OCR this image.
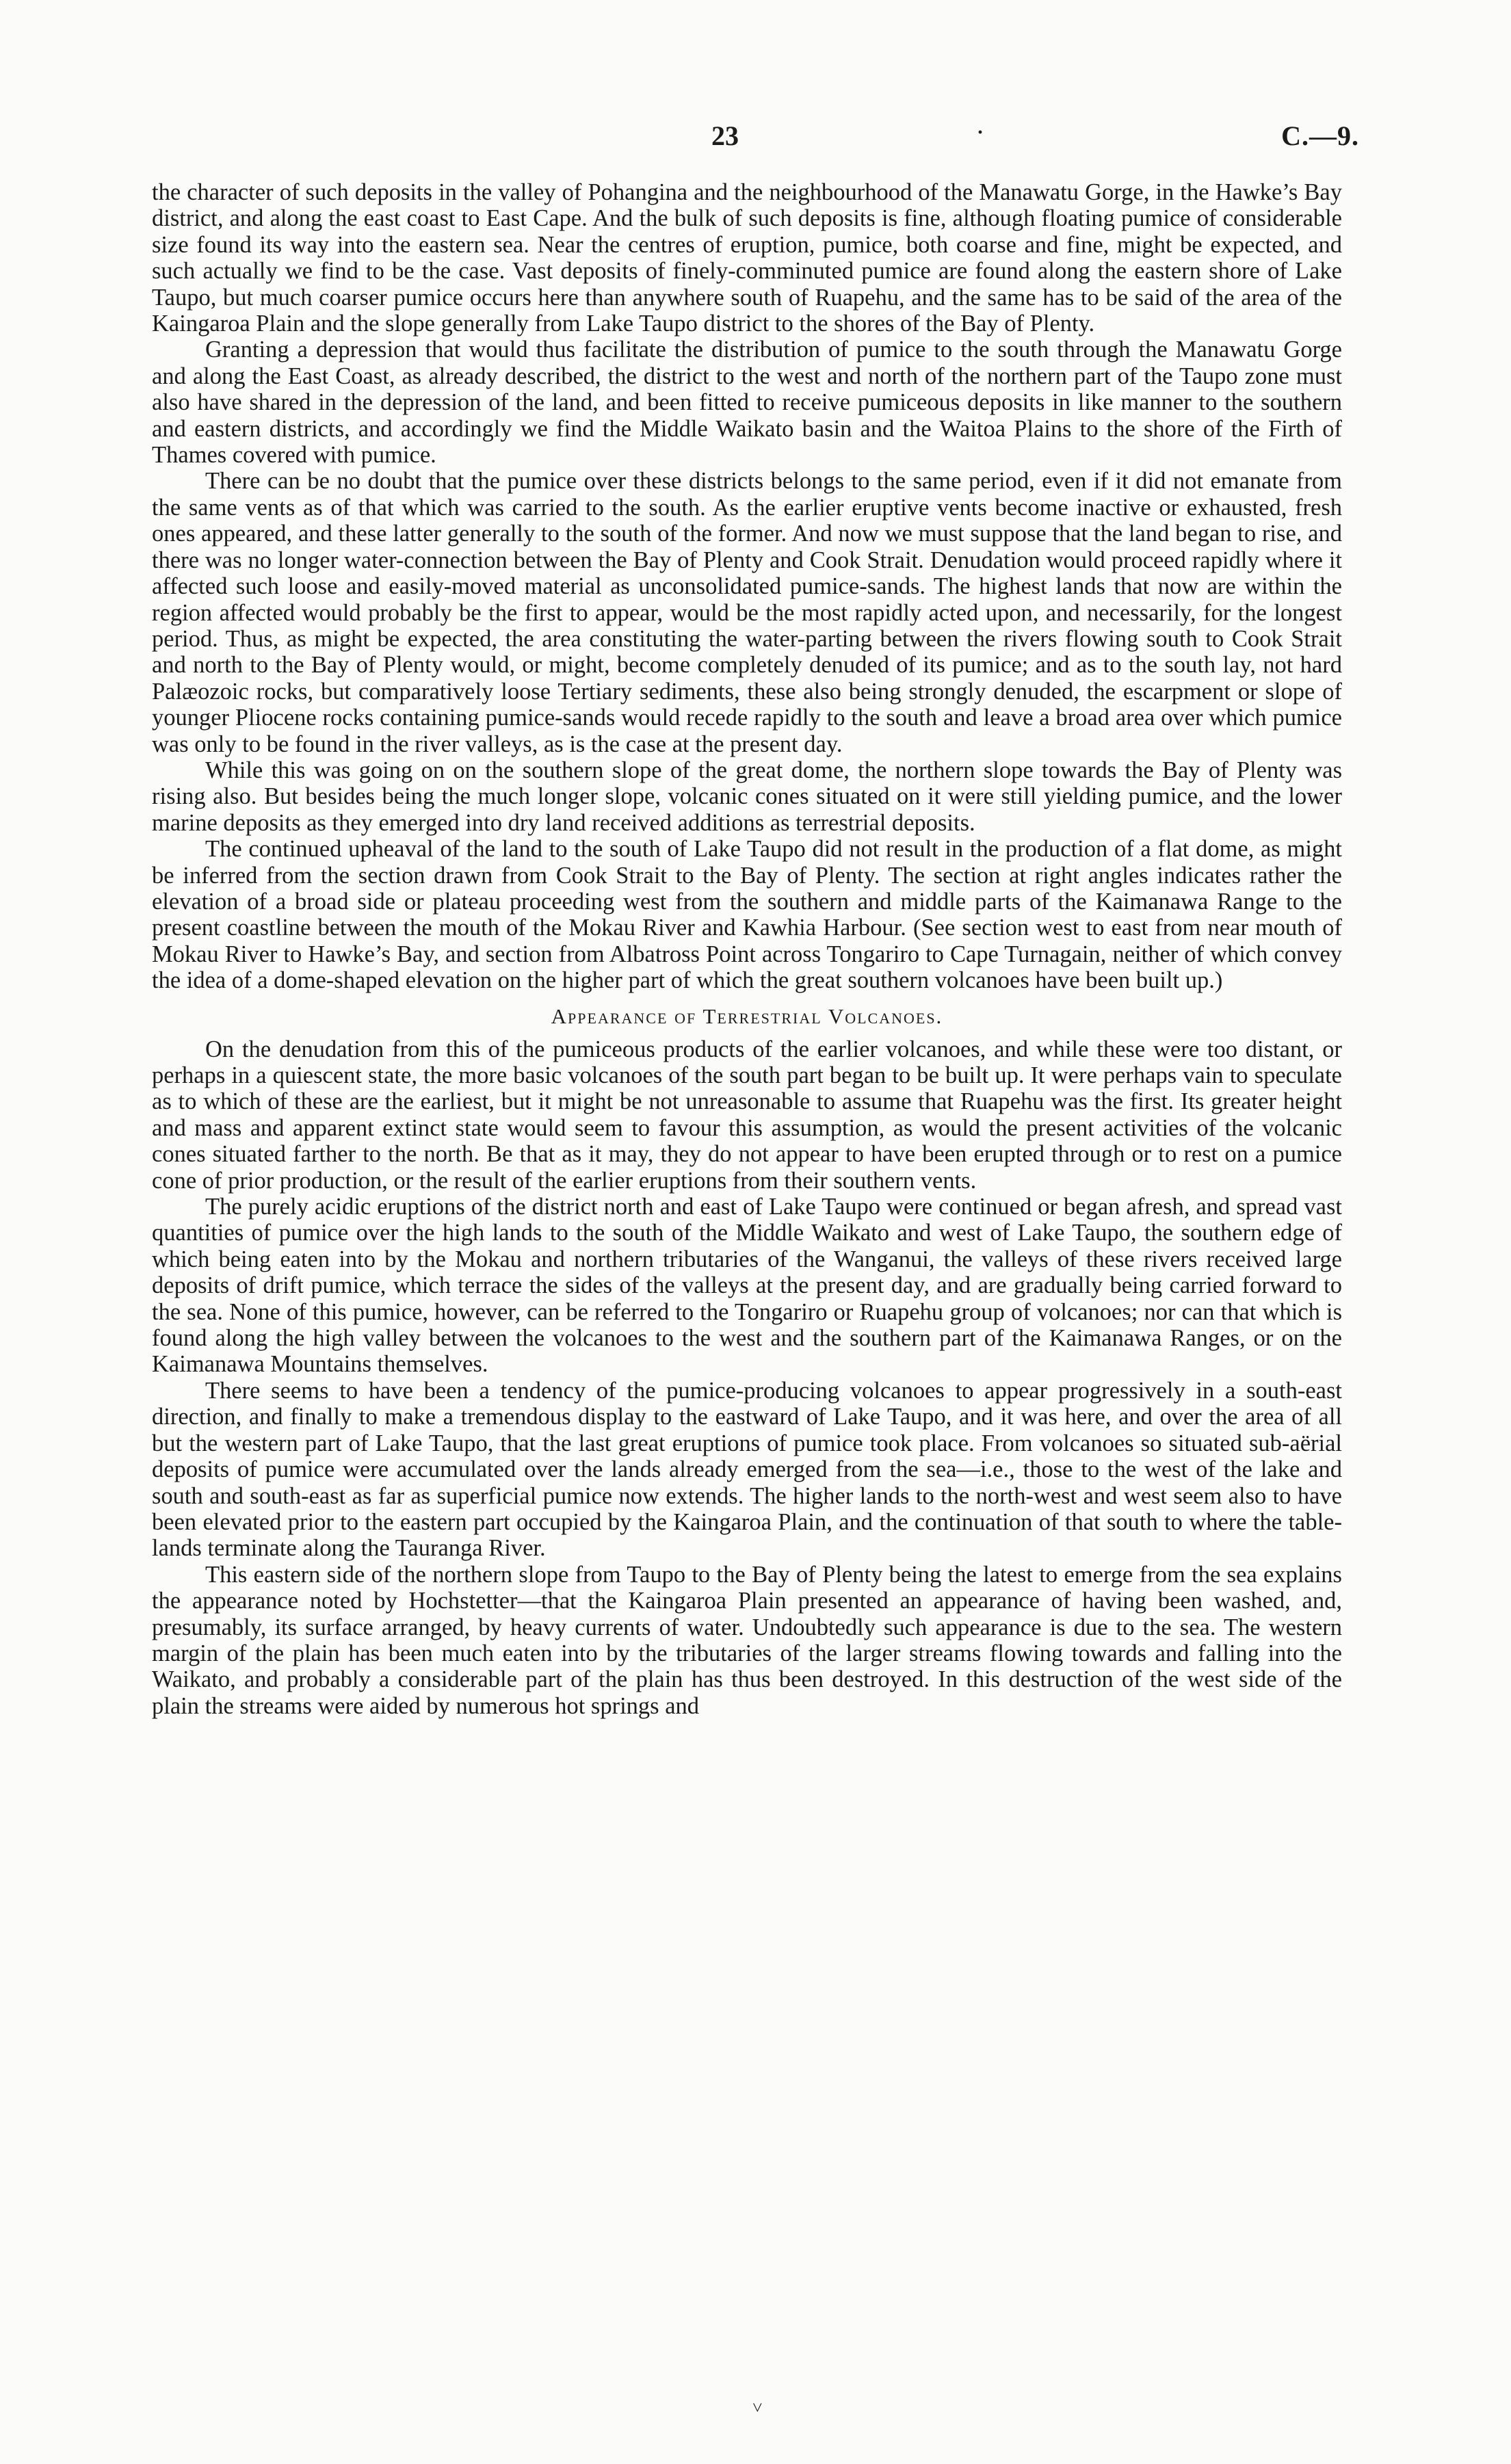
23	·	C.—9.

the character of such deposits in the valley of Pohangina and the neighbourhood of the Manawatu Gorge, in the Hawke’s Bay district, and along the east coast to East Cape. And the bulk of such deposits is fine, although floating pumice of considerable size found its way into the eastern sea. Near the centres of eruption, pumice, both coarse and fine, might be expected, and such actually we find to be the case. Vast deposits of finely-comminuted pumice are found along the eastern shore of Lake Taupo, but much coarser pumice occurs here than anywhere south of Ruapehu, and the same has to be said of the area of the Kaingaroa Plain and the slope generally from Lake Taupo district to the shores of the Bay of Plenty.

Granting a depression that would thus facilitate the distribution of pumice to the south through the Manawatu Gorge and along the East Coast, as already described, the district to the west and north of the northern part of the Taupo zone must also have shared in the depression of the land, and been fitted to receive pumiceous deposits in like manner to the southern and eastern districts, and accordingly we find the Middle Waikato basin and the Waitoa Plains to the shore of the Firth of Thames covered with pumice.

There can be no doubt that the pumice over these districts belongs to the same period, even if it did not emanate from the same vents as of that which was carried to the south. As the earlier eruptive vents become inactive or exhausted, fresh ones appeared, and these latter generally to the south of the former. And now we must suppose that the land began to rise, and there was no longer water-connection between the Bay of Plenty and Cook Strait. Denudation would proceed rapidly where it affected such loose and easily-moved material as unconsolidated pumice-sands. The highest lands that now are within the region affected would probably be the first to appear, would be the most rapidly acted upon, and necessarily, for the longest period. Thus, as might be expected, the area constituting the water-parting between the rivers flowing south to Cook Strait and north to the Bay of Plenty would, or might, become completely denuded of its pumice; and as to the south lay, not hard Palæozoic rocks, but comparatively loose Tertiary sediments, these also being strongly denuded, the escarpment or slope of younger Pliocene rocks containing pumice-sands would recede rapidly to the south and leave a broad area over which pumice was only to be found in the river valleys, as is the case at the present day.

While this was going on on the southern slope of the great dome, the northern slope towards the Bay of Plenty was rising also. But besides being the much longer slope, volcanic cones situated on it were still yielding pumice, and the lower marine deposits as they emerged into dry land received additions as terrestrial deposits.

The continued upheaval of the land to the south of Lake Taupo did not result in the production of a flat dome, as might be inferred from the section drawn from Cook Strait to the Bay of Plenty. The section at right angles indicates rather the elevation of a broad side or plateau proceeding west from the southern and middle parts of the Kaimanawa Range to the present coastline between the mouth of the Mokau River and Kawhia Harbour. (See section west to east from near mouth of Mokau River to Hawke’s Bay, and section from Albatross Point across Tongariro to Cape Turnagain, neither of which convey the idea of a dome-shaped elevation on the higher part of which the great southern volcanoes have been built up.)

Appearance of Terrestrial Volcanoes.

On the denudation from this of the pumiceous products of the earlier volcanoes, and while these were too distant, or perhaps in a quiescent state, the more basic volcanoes of the south part began to be built up. It were perhaps vain to speculate as to which of these are the earliest, but it might be not unreasonable to assume that Ruapehu was the first. Its greater height and mass and apparent extinct state would seem to favour this assumption, as would the present activities of the volcanic cones situated farther to the north. Be that as it may, they do not appear to have been erupted through or to rest on a pumice cone of prior production, or the result of the earlier eruptions from their southern vents.

The purely acidic eruptions of the district north and east of Lake Taupo were continued or began afresh, and spread vast quantities of pumice over the high lands to the south of the Middle Waikato and west of Lake Taupo, the southern edge of which being eaten into by the Mokau and northern tributaries of the Wanganui, the valleys of these rivers received large deposits of drift pumice, which terrace the sides of the valleys at the present day, and are gradually being carried forward to the sea. None of this pumice, however, can be referred to the Tongariro or Ruapehu group of volcanoes; nor can that which is found along the high valley between the volcanoes to the west and the southern part of the Kaimanawa Ranges, or on the Kaimanawa Mountains themselves.

There seems to have been a tendency of the pumice-producing volcanoes to appear progressively in a south-east direction, and finally to make a tremendous display to the eastward of Lake Taupo, and it was here, and over the area of all but the western part of Lake Taupo, that the last great eruptions of pumice took place. From volcanoes so situated sub-aërial deposits of pumice were accumulated over the lands already emerged from the sea—i.e., those to the west of the lake and south and south-east as far as superficial pumice now extends. The higher lands to the north-west and west seem also to have been elevated prior to the eastern part occupied by the Kaingaroa Plain, and the continuation of that south to where the table-lands terminate along the Tauranga River.

This eastern side of the northern slope from Taupo to the Bay of Plenty being the latest to emerge from the sea explains the appearance noted by Hochstetter—that the Kaingaroa Plain presented an appearance of having been washed, and, presumably, its surface arranged, by heavy currents of water. Undoubtedly such appearance is due to the sea. The western margin of the plain has been much eaten into by the tributaries of the larger streams flowing towards and falling into the Waikato, and probably a considerable part of the plain has thus been destroyed. In this destruction of the west side of the plain the streams were aided by numerous hot springs and

˅
